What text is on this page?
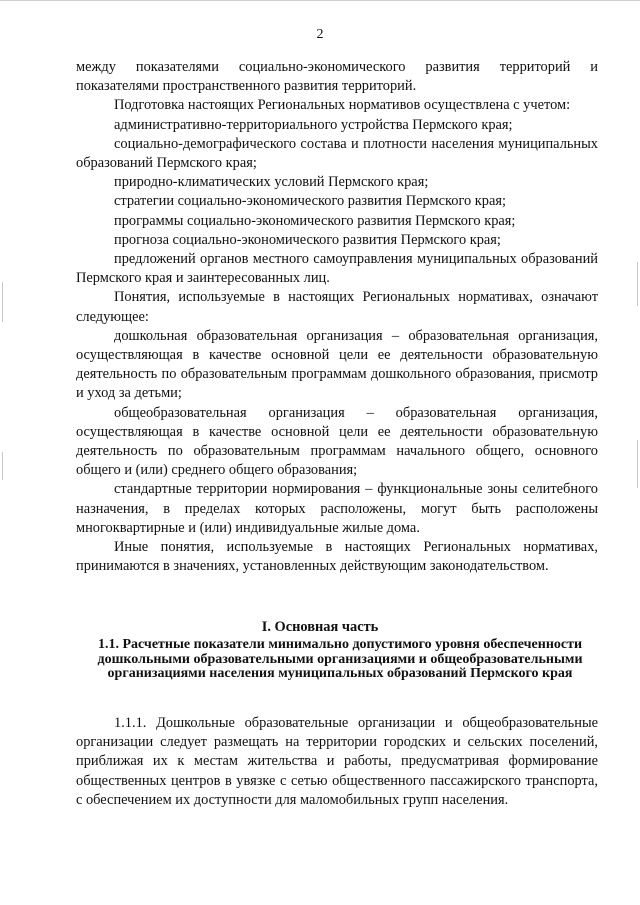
2

между показателями социально-экономического развития территорий и показателями пространственного развития территорий.

Подготовка настоящих Региональных нормативов осуществлена с учетом:

административно-территориального устройства Пермского края;

социально-демографического состава и плотности населения муниципальных образований Пермского края;

природно-климатических условий Пермского края;

стратегии социально-экономического развития Пермского края;

программы социально-экономического развития Пермского края;

прогноза социально-экономического развития Пермского края;

предложений органов местного самоуправления муниципальных образований Пермского края и заинтересованных лиц.

Понятия, используемые в настоящих Региональных нормативах, означают следующее:

дошкольная образовательная организация – образовательная организация, осуществляющая в качестве основной цели ее деятельности образовательную деятельность по образовательным программам дошкольного образования, присмотр и уход за детьми;

общеобразовательная организация – образовательная организация, осуществляющая в качестве основной цели ее деятельности образовательную деятельность по образовательным программам начального общего, основного общего и (или) среднего общего образования;

стандартные территории нормирования – функциональные зоны селитебного назначения, в пределах которых расположены, могут быть расположены многоквартирные и (или) индивидуальные жилые дома.

Иные понятия, используемые в настоящих Региональных нормативах, принимаются в значениях, установленных действующим законодательством.

I. Основная часть
1.1. Расчетные показатели минимально допустимого уровня обеспеченности дошкольными образовательными организациями и общеобразовательными организациями населения муниципальных образований Пермского края

1.1.1. Дошкольные образовательные организации и общеобразовательные организации следует размещать на территории городских и сельских поселений, приближая их к местам жительства и работы, предусматривая формирование общественных центров в увязке с сетью общественного пассажирского транспорта, с обеспечением их доступности для маломобильных групп населения.
